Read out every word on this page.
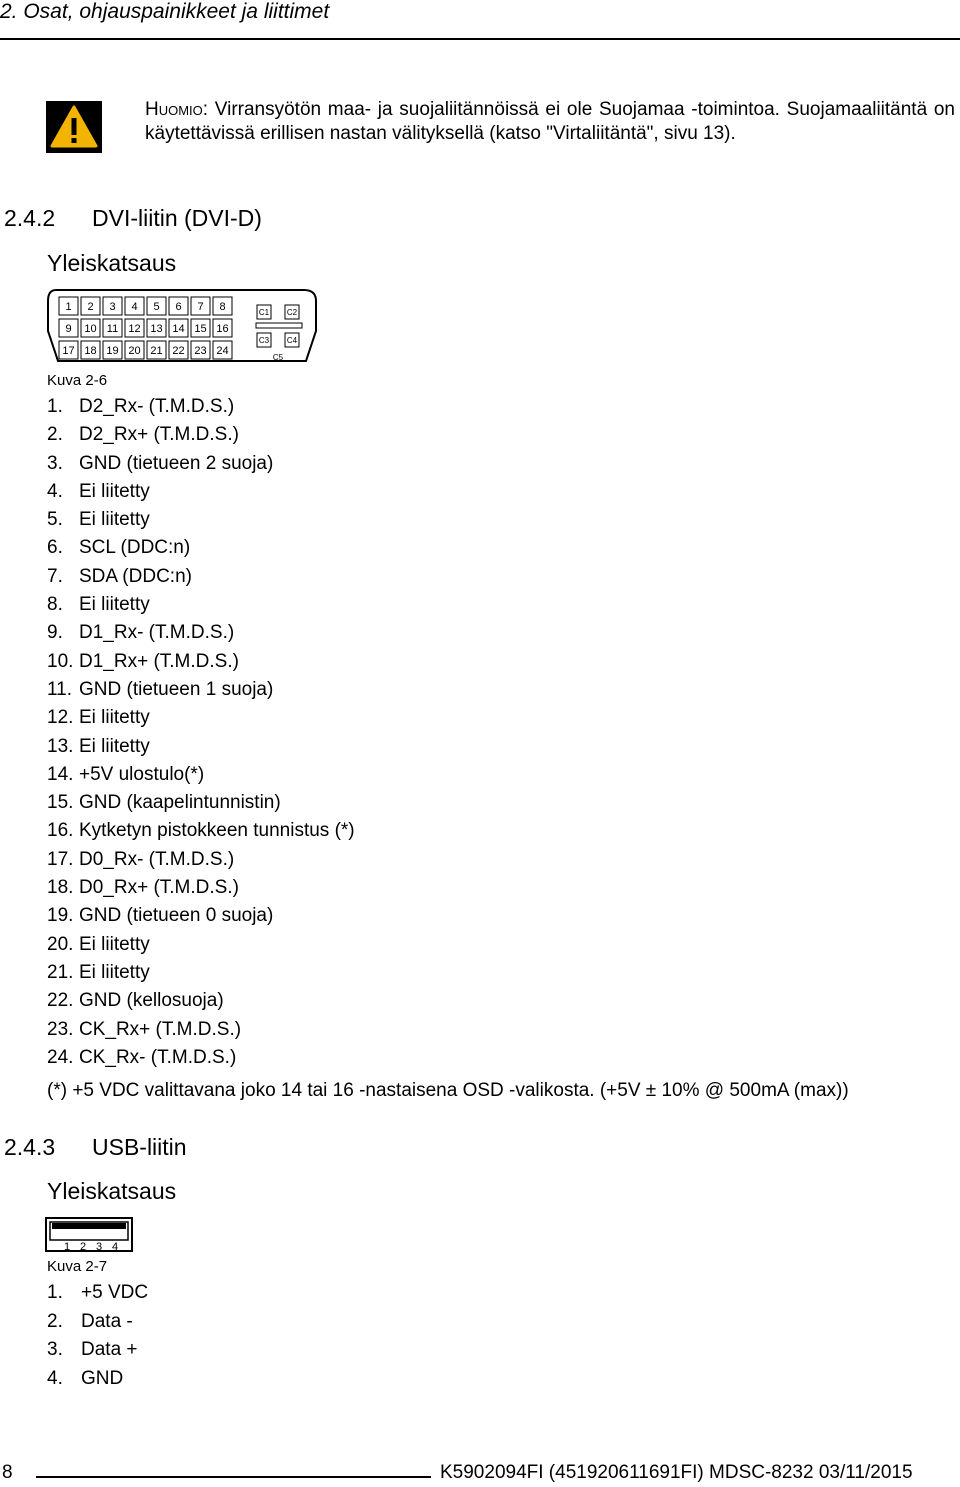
2. Osat, ohjauspainikkeet ja liittimet
Huomio: Virransyötön maa- ja suojaliitännöissä ei ole Suojamaa -toimintoa. Suojamaaliitäntä on käytettävissä erillisen nastan välityksellä (katso "Virtaliitäntä", sivu 13).
2.4.2 DVI-liitin (DVI-D)
Yleiskatsaus
1 2 3 4 5 6 7 8
9 10 11 12 13 14 15 16
17 18 19 20 21 22 23 24
C1 C2
C3 C4
C5
Kuva 2-6
1. D2_Rx- (T.M.D.S.)
2. D2_Rx+ (T.M.D.S.)
3. GND (tietueen 2 suoja)
4. Ei liitetty
5. Ei liitetty
6. SCL (DDC:n)
7. SDA (DDC:n)
8. Ei liitetty
9. D1_Rx- (T.M.D.S.)
10. D1_Rx+ (T.M.D.S.)
11. GND (tietueen 1 suoja)
12. Ei liitetty
13. Ei liitetty
14. +5V ulostulo(*)
15. GND (kaapelintunnistin)
16. Kytketyn pistokkeen tunnistus (*)
17. D0_Rx- (T.M.D.S.)
18. D0_Rx+ (T.M.D.S.)
19. GND (tietueen 0 suoja)
20. Ei liitetty
21. Ei liitetty
22. GND (kellosuoja)
23. CK_Rx+ (T.M.D.S.)
24. CK_Rx- (T.M.D.S.)
(*) +5 VDC valittavana joko 14 tai 16 -nastaisena OSD -valikosta. (+5V ± 10% @ 500mA (max))
2.4.3 USB-liitin
Yleiskatsaus
1 2 3 4
Kuva 2-7
1. +5 VDC
2. Data -
3. Data +
4. GND
8	K5902094FI (451920611691FI) MDSC-8232 03/11/2015
